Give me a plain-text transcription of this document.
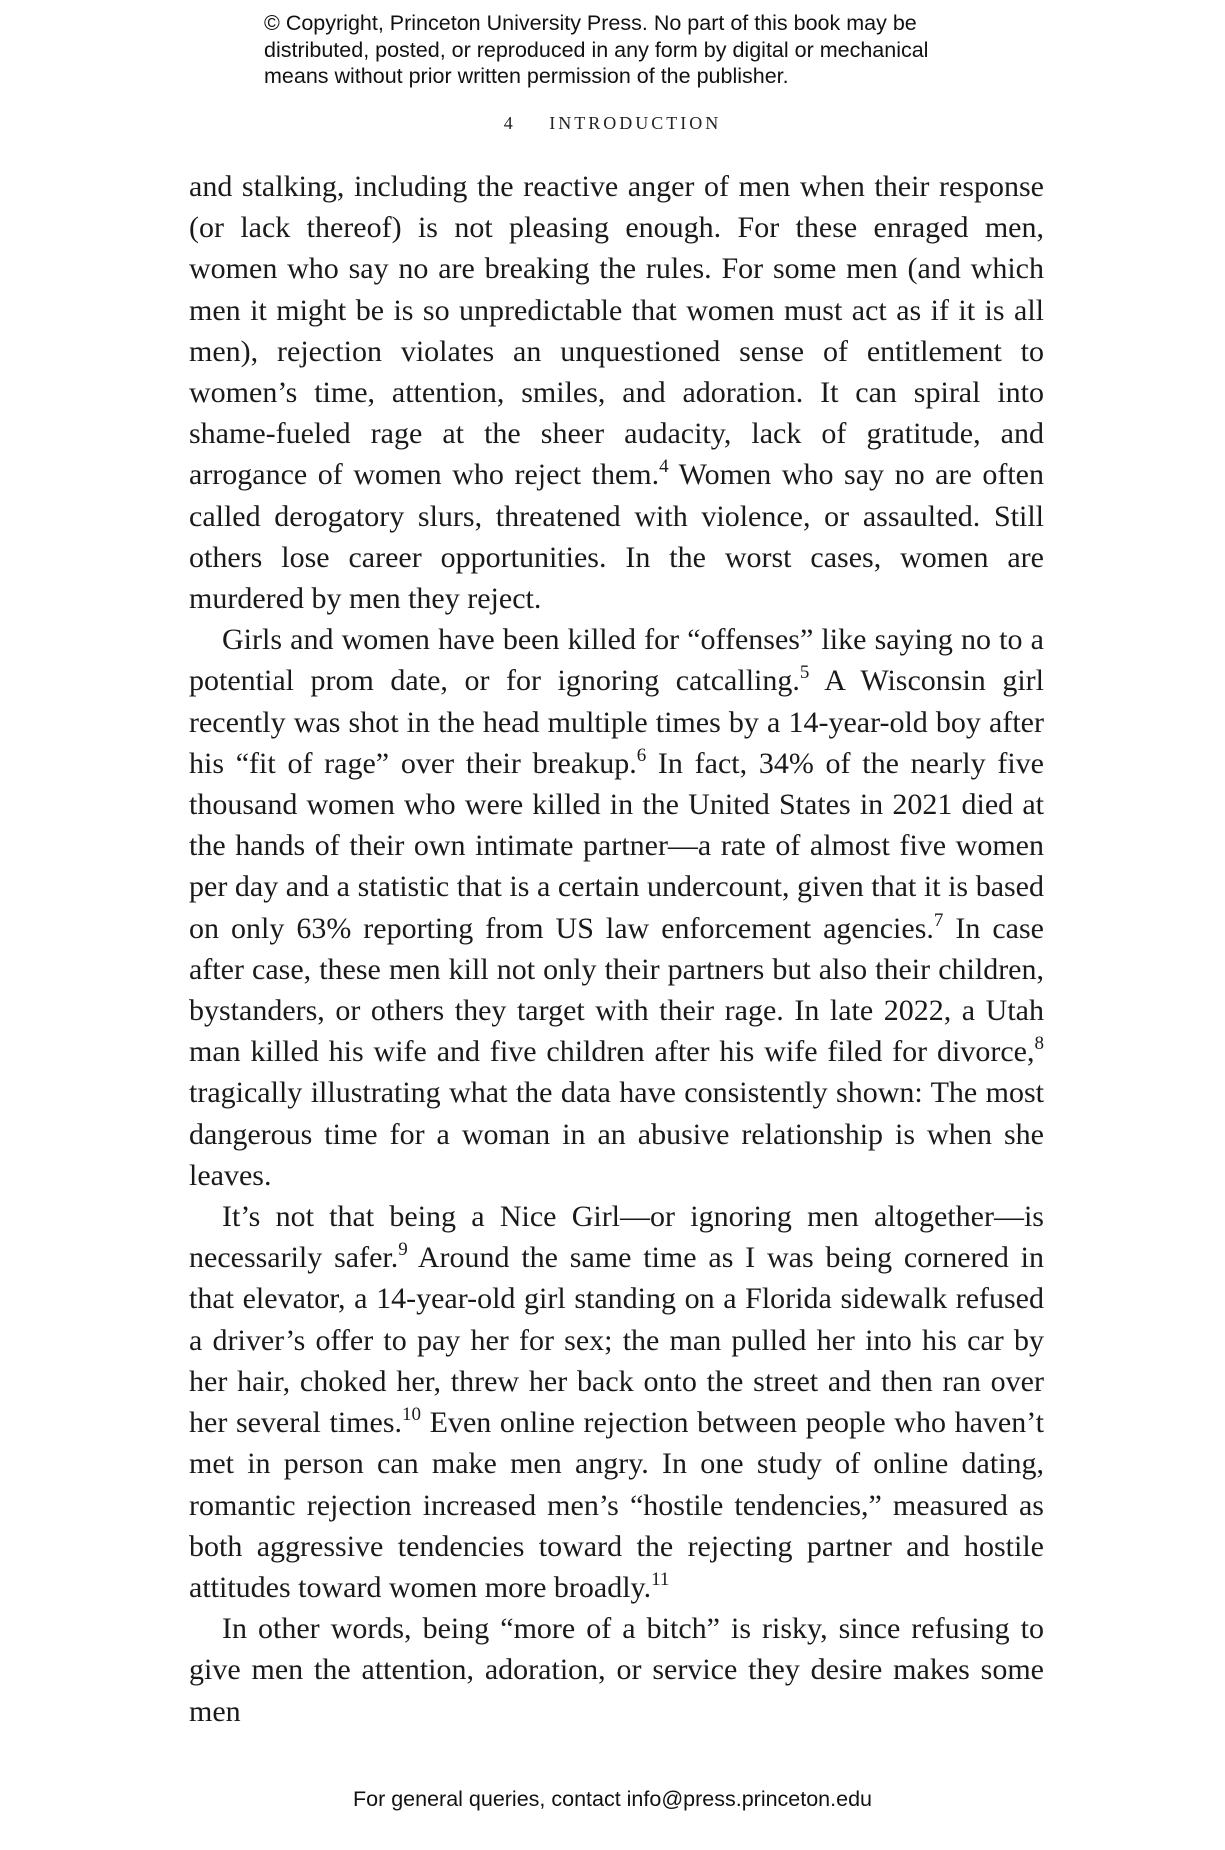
© Copyright, Princeton University Press. No part of this book may be
distributed, posted, or reproduced in any form by digital or mechanical
means without prior written permission of the publisher.
4 INTRODUCTION

and stalking, including the reactive anger of men when their response (or lack thereof) is not pleasing enough. For these enraged men, women who say no are breaking the rules. For some men (and which men it might be is so unpredictable that women must act as if it is all men), rejection violates an unquestioned sense of entitlement to women’s time, attention, smiles, and adoration. It can spiral into shame-fueled rage at the sheer audacity, lack of gratitude, and arrogance of women who reject them.$^4$ Women who say no are often called derogatory slurs, threatened with violence, or assaulted. Still others lose career opportunities. In the worst cases, women are murdered by men they reject.

Girls and women have been killed for “offenses” like saying no to a potential prom date, or for ignoring catcalling.$^5$ A Wisconsin girl recently was shot in the head multiple times by a 14-year-old boy after his “fit of rage” over their breakup.$^6$ In fact, 34% of the nearly five thousand women who were killed in the United States in 2021 died at the hands of their own intimate partner—a rate of almost five women per day and a statistic that is a certain undercount, given that it is based on only 63% reporting from US law enforcement agencies.$^7$ In case after case, these men kill not only their partners but also their children, bystanders, or others they target with their rage. In late 2022, a Utah man killed his wife and five children after his wife filed for divorce,$^8$ tragically illustrating what the data have consistently shown: The most dangerous time for a woman in an abusive relationship is when she leaves.

It’s not that being a Nice Girl—or ignoring men altogether—is necessarily safer.$^9$ Around the same time as I was being cornered in that elevator, a 14-year-old girl standing on a Florida sidewalk refused a driver’s offer to pay her for sex; the man pulled her into his car by her hair, choked her, threw her back onto the street and then ran over her several times.$^{10}$ Even online rejection between people who haven’t met in person can make men angry. In one study of online dating, romantic rejection increased men’s “hostile tendencies,” measured as both aggressive tendencies toward the rejecting partner and hostile attitudes toward women more broadly.$^{11}$

In other words, being “more of a bitch” is risky, since refusing to give men the attention, adoration, or service they desire makes some men

For general queries, contact info@press.princeton.edu
